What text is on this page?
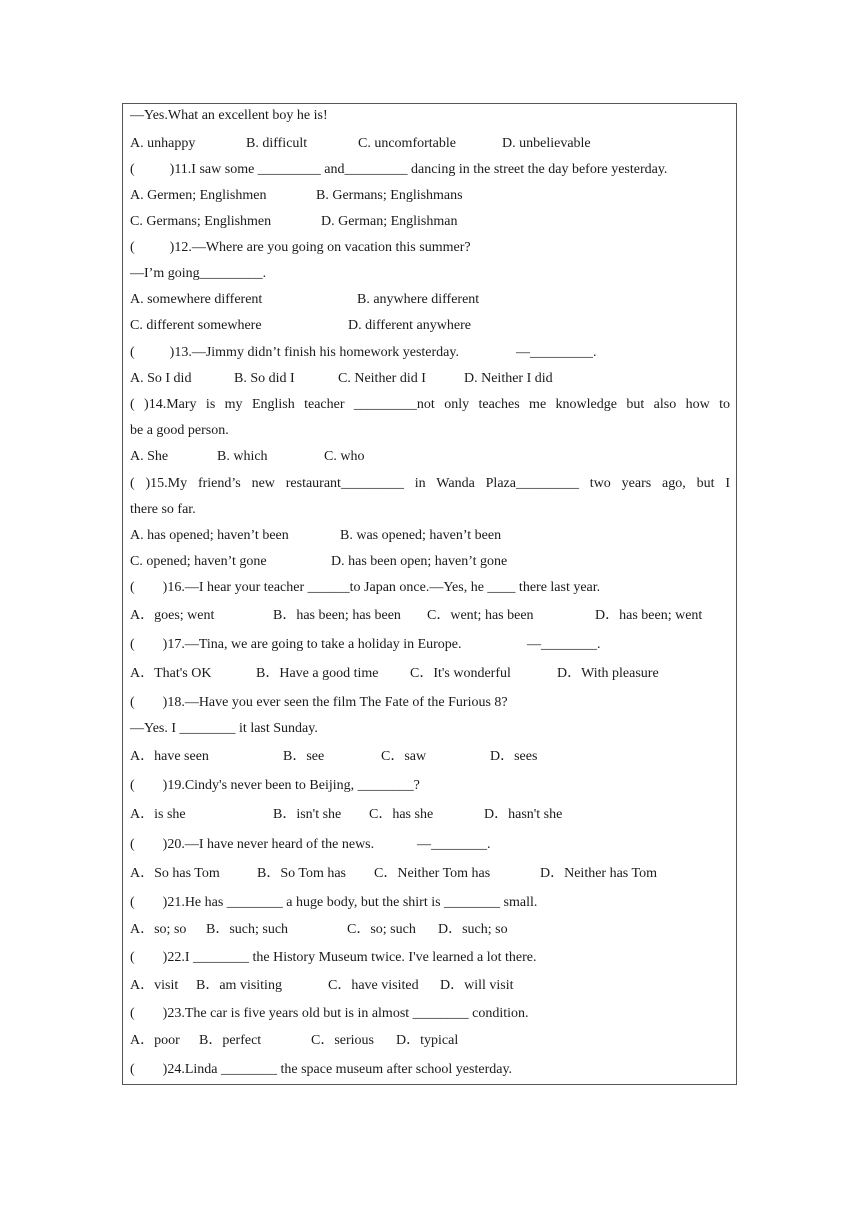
—Yes.What an excellent boy he is!
A. unhappy	B. difficult	C. uncomfortable	D. unbelievable
(          )11.I saw some _________ and_________ dancing in the street the day before yesterday.
A. Germen; Englishmen	B. Germans; Englishmans
C. Germans; Englishmen	D. German; Englishman
(          )12.—Where are you going on vacation this summer?
—I’m going_________.
A. somewhere different	B. anywhere different
C. different somewhere	D. different anywhere
(          )13.—Jimmy didn’t finish his homework yesterday.	—_________.
A. So I did	B. So did I	C. Neither did I	D. Neither I did
( )14.Mary is my English teacher _________not only teaches me knowledge but also how to
be a good person.
A. She	B. which	C. who
( )15.My friend’s new restaurant_________ in Wanda Plaza_________ two years ago, but I
there so far.
A. has opened; haven’t been	B. was opened; haven’t been
C. opened; haven’t gone	D. has been open; haven’t gone
(        )16.—I hear your teacher ______to Japan once.—Yes, he ____ there last year.
A．goes; went	B．has been; has been C．went; has been	D．has been; went
(        )17.—Tina, we are going to take a holiday in Europe.	—________.
A．That's OK	B．Have a good time C．It's wonderful	D．With pleasure
(        )18.—Have you ever seen the film The Fate of the Furious 8?
—Yes. I ________ it last Sunday.
A．have seen	B．see	C．saw	D．sees
(        )19.Cindy's never been to Beijing, ________?
A．is she	B．isn't she C．has she	D．hasn't she
(        )20.—I have never heard of the news.	—________.
A．So has Tom	B．So Tom has C．Neither Tom has	D．Neither has Tom
(        )21.He has ________ a huge body, but the shirt is ________ small.
A．so; so B．such; such	C．so; such D．such; so
(        )22.I ________ the History Museum twice. I've learned a lot there.
A．visit B．am visiting	C．have visited D．will visit
(        )23.The car is five years old but is in almost ________ condition.
A．poor B．perfect	C．serious D．typical
(        )24.Linda ________ the space museum after school yesterday.
